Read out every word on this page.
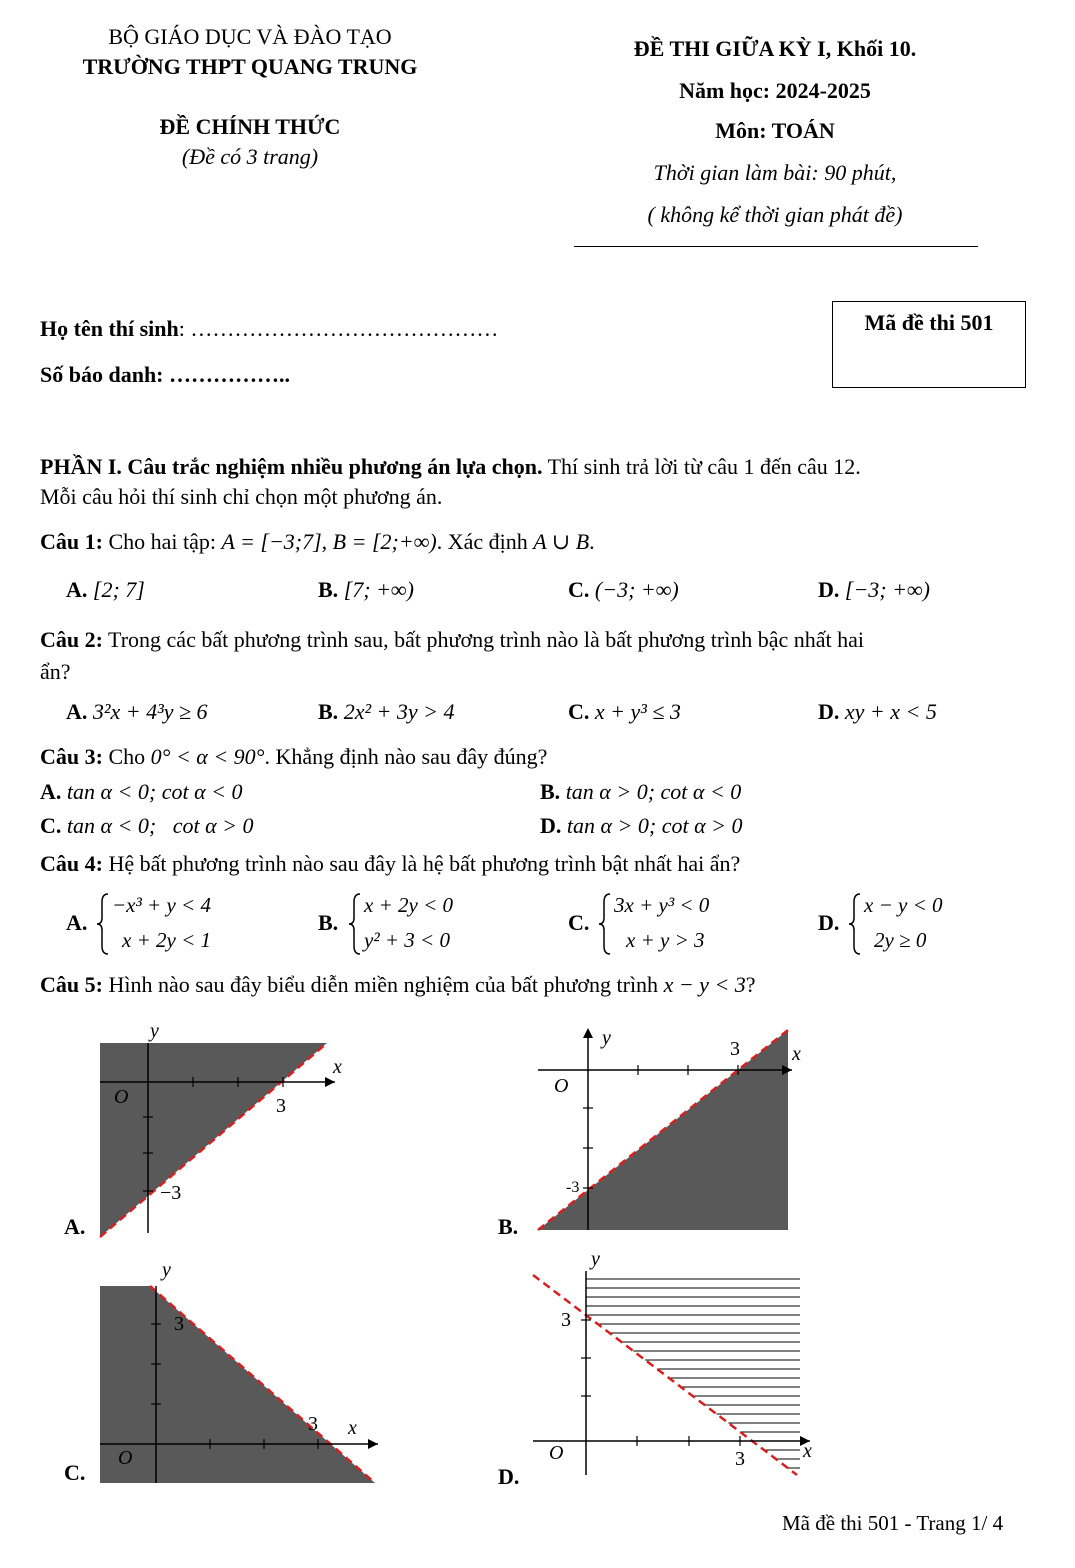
BỘ GIÁO DỤC VÀ ĐÀO TẠO
TRƯỜNG THPT QUANG TRUNG
ĐỀ CHÍNH THỨC
(Đề có 3 trang)
ĐỀ THI GIỮA KỲ I, Khối 10.
Năm học: 2024-2025
Môn: TOÁN
Thời gian làm bài: 90 phút,
( không kể thời gian phát đề)
Họ tên thí sinh: ……………………………………
Số báo danh: ……………..
Mã đề thi 501
PHẦN I. Câu trắc nghiệm nhiều phương án lựa chọn. Thí sinh trả lời từ câu 1 đến câu 12.
Mỗi câu hỏi thí sinh chỉ chọn một phương án.
Câu 1: Cho hai tập: A = [−3;7], B = [2;+∞). Xác định A ∪ B.
A. [2; 7]	B. [7; +∞)	C. (−3; +∞)	D. [−3; +∞)
Câu 2: Trong các bất phương trình sau, bất phương trình nào là bất phương trình bậc nhất hai
ẩn?
A. 3²x + 4³y ≥ 6	B. 2x² + 3y > 4	C. x + y³ ≤ 3	D. xy + x < 5
Câu 3: Cho 0° < α < 90°. Khẳng định nào sau đây đúng?
A. tan α < 0; cot α < 0	B. tan α > 0; cot α < 0
C. tan α < 0;   cot α > 0	D. tan α > 0; cot α > 0
Câu 4: Hệ bất phương trình nào sau đây là hệ bất phương trình bật nhất hai ẩn?
A.
−x³ + y < 4
x + 2y < 1
B.
x + 2y < 0
y² + 3 < 0
C.
3x + y³ < 0
x + y > 3
D.
x − y < 0
2y ≥ 0
Câu 5: Hình nào sau đây biểu diễn miền nghiệm của bất phương trình x − y < 3?
A.
y
x
O	3
−3
B.
y
x
O
3
-3
C.
y
x
O
3
3
D.
y
x
O	3
3
Mã đề thi 501 - Trang 1/ 4
